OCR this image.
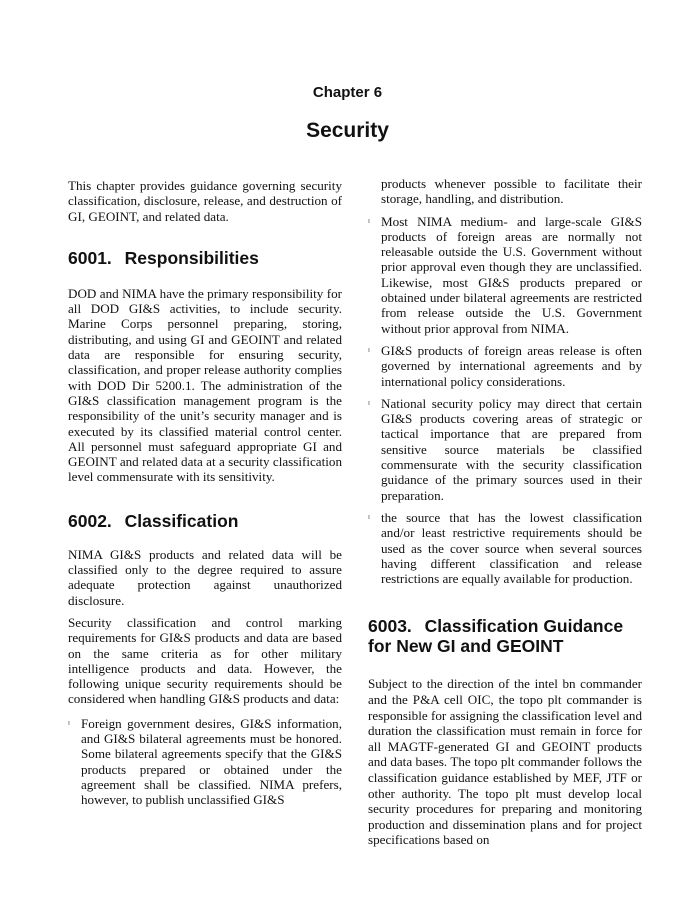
Chapter 6
Security

This chapter provides guidance governing security classification, disclosure, release, and destruction of GI, GEOINT, and related data.

6001. Responsibilities

DOD and NIMA have the primary responsibility for all DOD GI&S activities, to include security. Marine Corps personnel preparing, storing, distributing, and using GI and GEOINT and related data are responsible for ensuring security, classification, and proper release authority complies with DOD Dir 5200.1. The administration of the GI&S classification management program is the responsibility of the unit’s security manager and is executed by its classified material control center. All personnel must safeguard appropriate GI and GEOINT and related data at a security classification level commensurate with its sensitivity.

6002. Classification

NIMA GI&S products and related data will be classified only to the degree required to assure adequate protection against unauthorized disclosure.

Security classification and control marking requirements for GI&S products and data are based on the same criteria as for other military intelligence products and data. However, the following unique security requirements should be considered when handling GI&S products and data:

ı Foreign government desires, GI&S information, and GI&S bilateral agreements must be honored. Some bilateral agreements specify that the GI&S products prepared or obtained under the agreement shall be classified. NIMA prefers, however, to publish unclassified GI&S

products whenever possible to facilitate their storage, handling, and distribution.

ı Most NIMA medium- and large-scale GI&S products of foreign areas are normally not releasable outside the U.S. Government without prior approval even though they are unclassified. Likewise, most GI&S products prepared or obtained under bilateral agreements are restricted from release outside the U.S. Government without prior approval from NIMA.
ı GI&S products of foreign areas release is often governed by international agreements and by international policy considerations.
ı National security policy may direct that certain GI&S products covering areas of strategic or tactical importance that are prepared from sensitive source materials be classified commensurate with the security classification guidance of the primary sources used in their preparation.
ı the source that has the lowest classification and/or least restrictive requirements should be used as the cover source when several sources having different classification and release restrictions are equally available for production.
6003. Classification Guidance
for New GI and GEOINT

Subject to the direction of the intel bn commander and the P&A cell OIC, the topo plt commander is responsible for assigning the classification level and duration the classification must remain in force for all MAGTF-generated GI and GEOINT products and data bases. The topo plt commander follows the classification guidance established by MEF, JTF or other authority. The topo plt must develop local security procedures for preparing and monitoring production and dissemination plans and for project specifications based on
